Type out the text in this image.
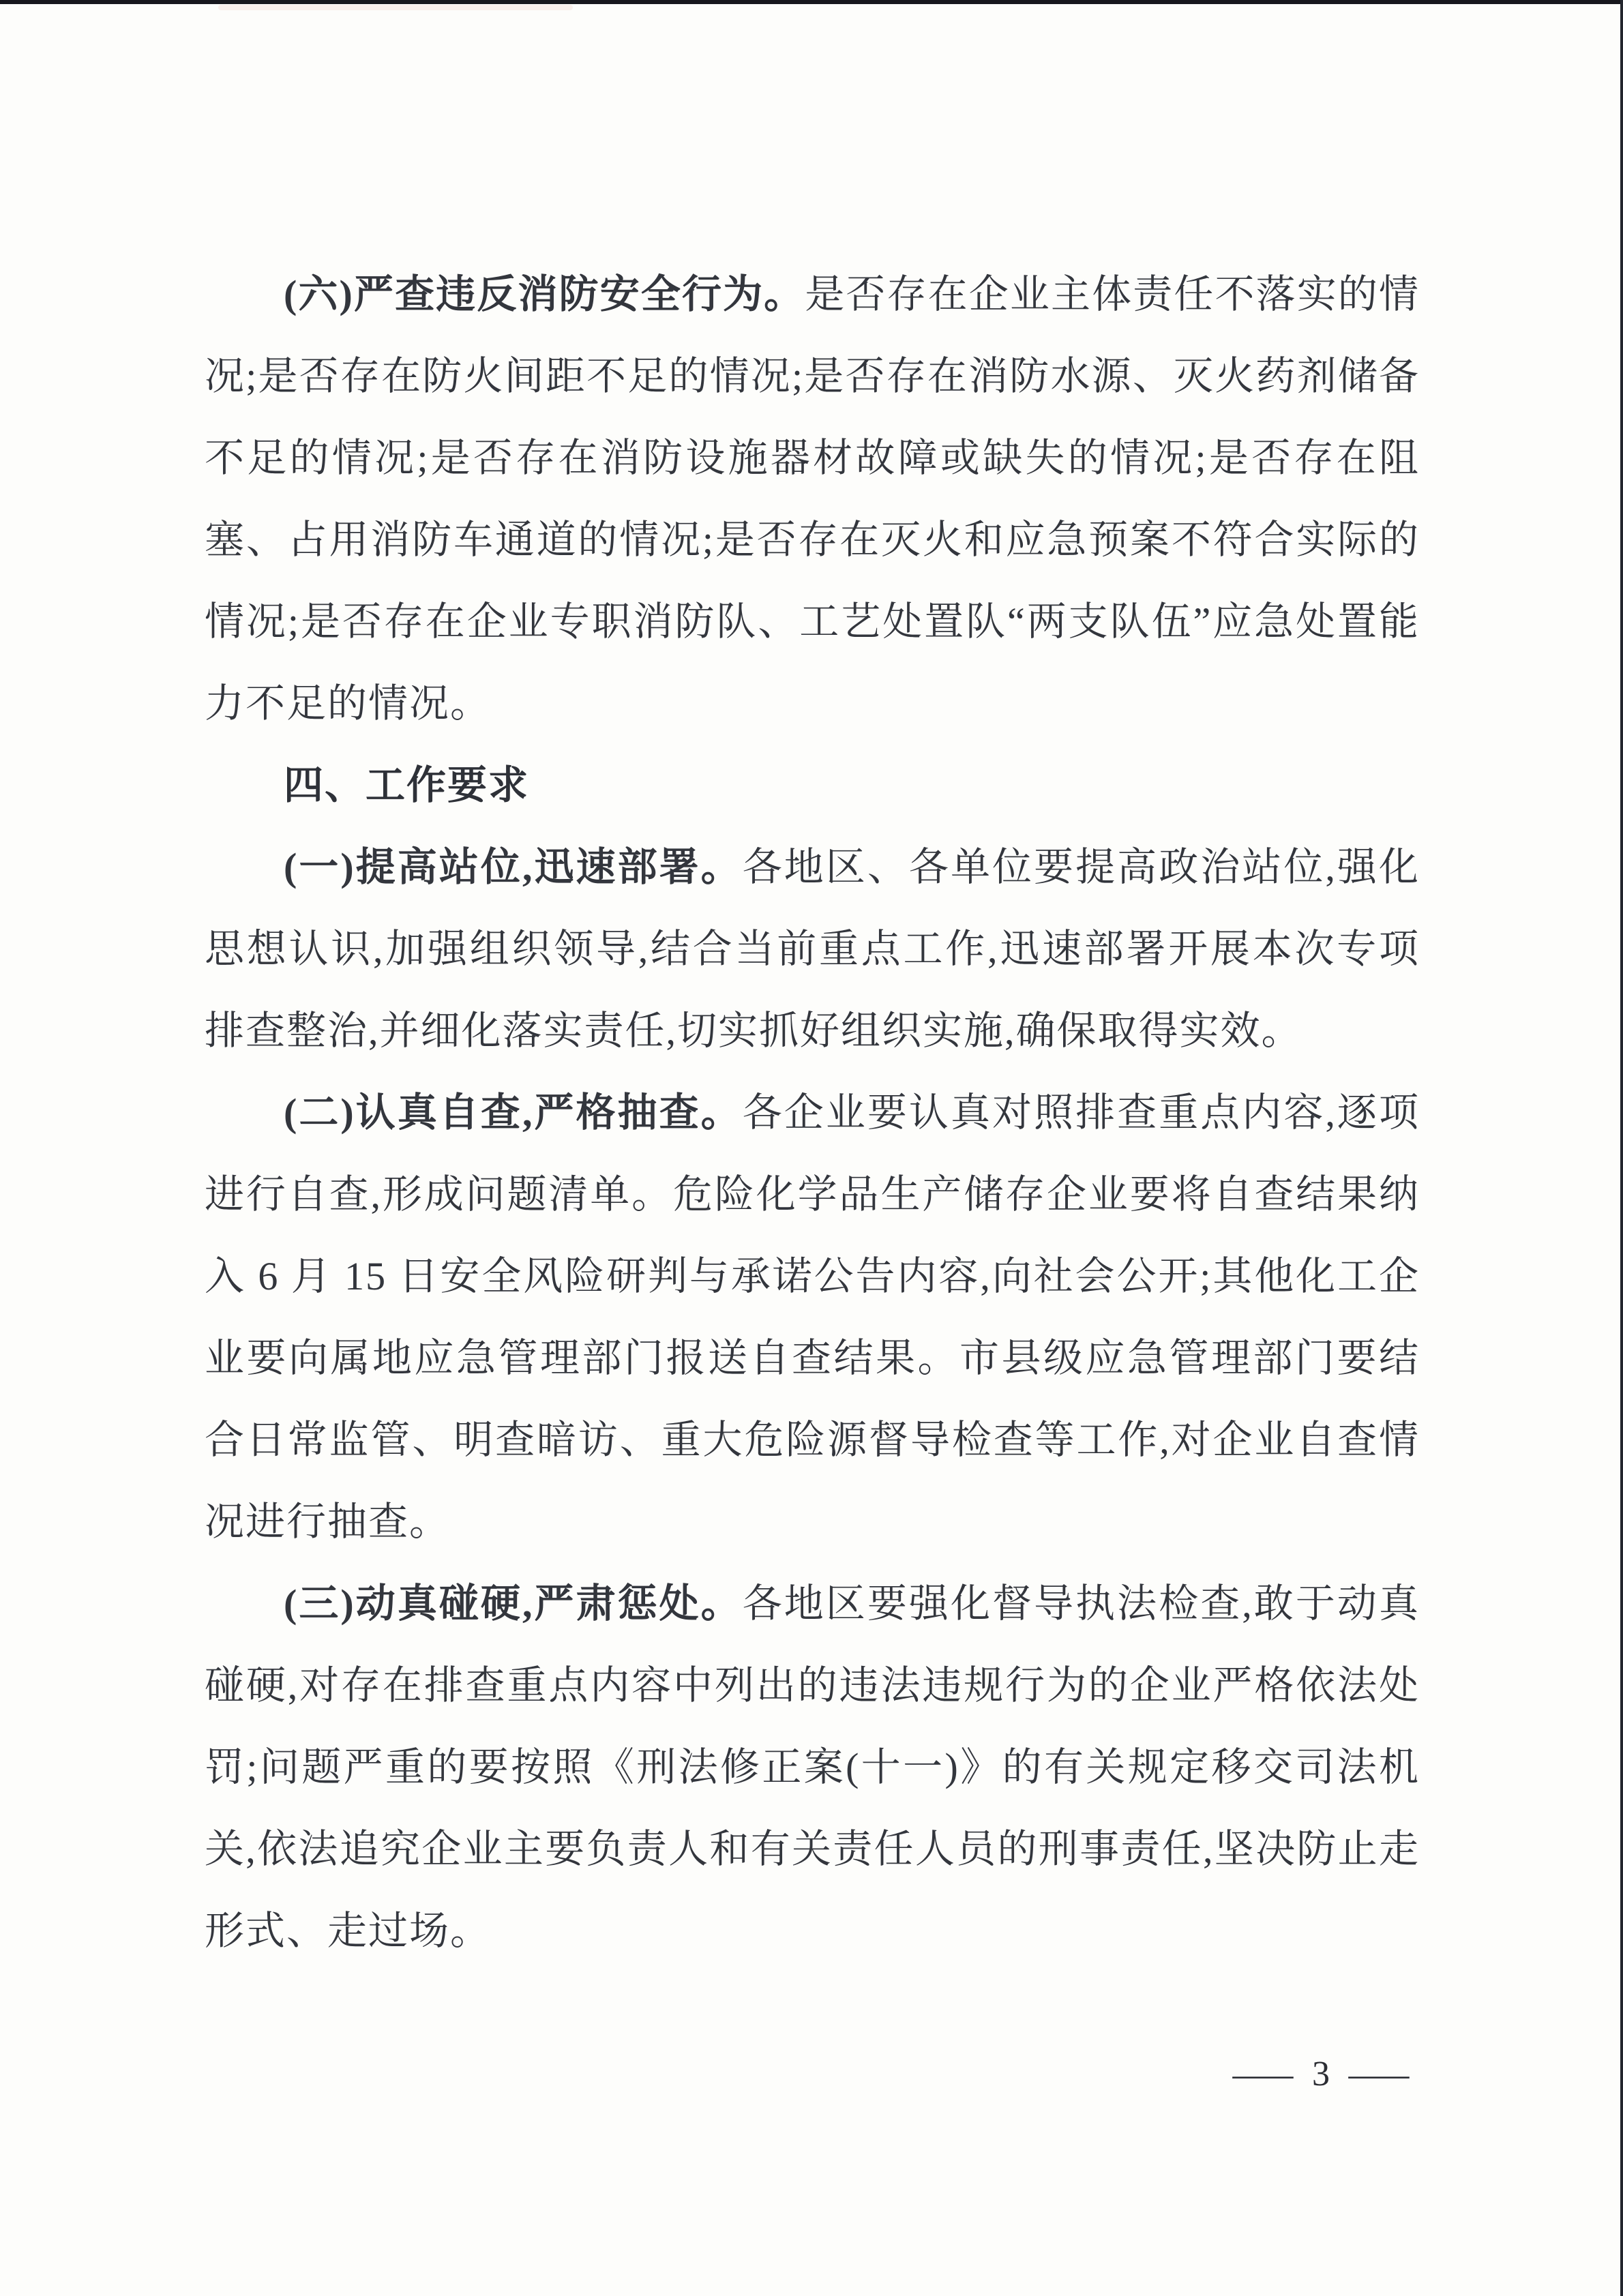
(六)严查违反消防安全行为。是否存在企业主体责任不落实的情况;是否存在防火间距不足的情况;是否存在消防水源、灭火药剂储备不足的情况;是否存在消防设施器材故障或缺失的情况;是否存在阻塞、占用消防车通道的情况;是否存在灭火和应急预案不符合实际的情况;是否存在企业专职消防队、工艺处置队“两支队伍”应急处置能力不足的情况。

四、工作要求

(一)提高站位,迅速部署。各地区、各单位要提高政治站位,强化思想认识,加强组织领导,结合当前重点工作,迅速部署开展本次专项排查整治,并细化落实责任,切实抓好组织实施,确保取得实效。

(二)认真自查,严格抽查。各企业要认真对照排查重点内容,逐项进行自查,形成问题清单。危险化学品生产储存企业要将自查结果纳入 6 月 15 日安全风险研判与承诺公告内容,向社会公开;其他化工企业要向属地应急管理部门报送自查结果。市县级应急管理部门要结合日常监管、明查暗访、重大危险源督导检查等工作,对企业自查情况进行抽查。

(三)动真碰硬,严肃惩处。各地区要强化督导执法检查,敢于动真碰硬,对存在排查重点内容中列出的违法违规行为的企业严格依法处罚;问题严重的要按照《刑法修正案(十一)》的有关规定移交司法机关,依法追究企业主要负责人和有关责任人员的刑事责任,坚决防止走形式、走过场。

— 3 —
